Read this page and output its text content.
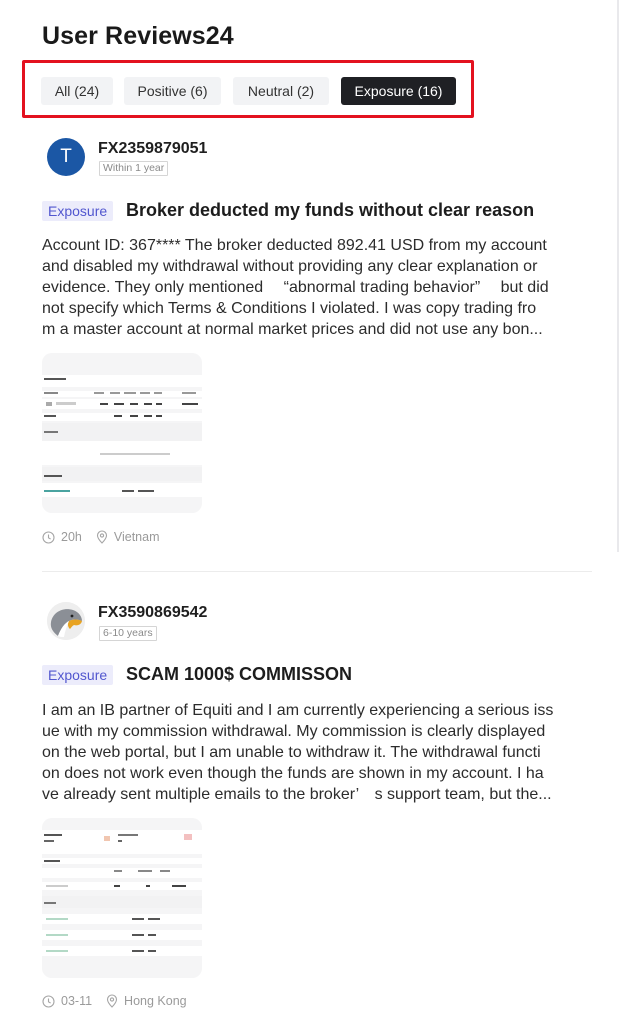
User Reviews24
All (24)	Positive (6)	Neutral (2)	Exposure (16)
T	FX2359879051
Within 1 year
Exposure	Broker deducted my funds without clear reason
Account ID: 367**** The broker deducted 892.41 USD from my account
and disabled my withdrawal without providing any clear explanation or
evidence. They only mentioned 　“abnormal trading behavior” 　but did
not specify which Terms & Conditions I violated. I was copy trading fro
m a master account at normal market prices and did not use any bon...
20h	Vietnam
FX3590869542
6-10 years
Exposure	SCAM 1000$ COMMISSON
I am an IB partner of Equiti and I am currently experiencing a serious iss
ue with my commission withdrawal. My commission is clearly displayed
on the web portal, but I am unable to withdraw it. The withdrawal functi
on does not work even though the funds are shown in my account. I ha
ve already sent multiple emails to the broker’　s support team, but the...
03-11	Hong Kong
